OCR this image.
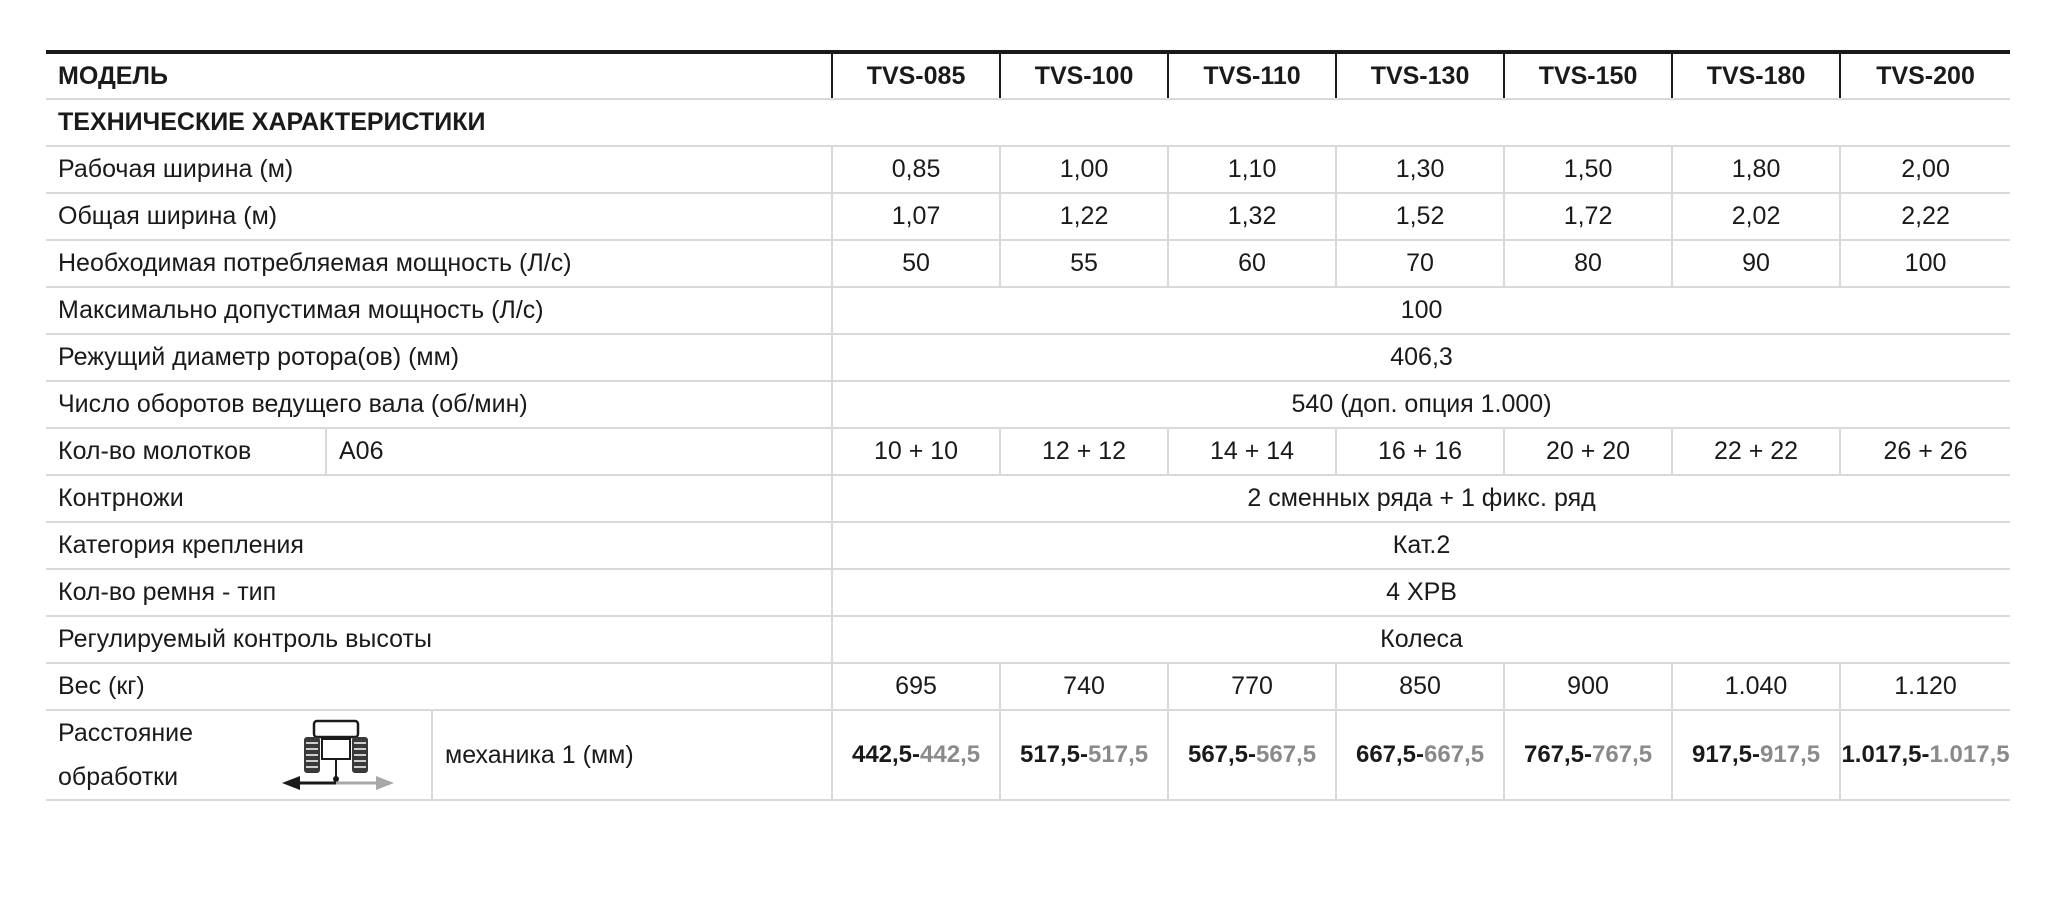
МОДЕЛЬ			TVS-085	TVS-100	TVS-110	TVS-130	TVS-150	TVS-180	TVS-200
ТЕХНИЧЕСКИЕ ХАРАКТЕРИСТИКИ									
Рабочая ширина (м)			0,85	1,00	1,10	1,30	1,50	1,80	2,00
Общая ширина (м)			1,07	1,22	1,32	1,52	1,72	2,02	2,22
Необходимая потребляемая мощность (Л/с)			50	55	60	70	80	90	100
Максимально допустимая мощность (Л/с)			100						
Режущий диаметр ротора(ов) (мм)			406,3						
Число оборотов ведущего вала (об/мин)			540 (доп. опция 1.000)						
Кол-во молотков	A06		10 + 10	12 + 12	14 + 14	16 + 16	20 + 20	22 + 22	26 + 26
Контрножи			2 сменных ряда + 1 фикс. ряд						
Категория крепления			Кат.2						
Кол-во ремня - тип			4 XPB						
Регулируемый контроль высоты			Колеса						
Вес (кг)			695	740	770	850	900	1.040	1.120

Расстояние
обработки		механика 1 (мм)	442,5-442,5	517,5-517,5	567,5-567,5	667,5-667,5	767,5-767,5	917,5-917,5	1.017,5-1.017,5
